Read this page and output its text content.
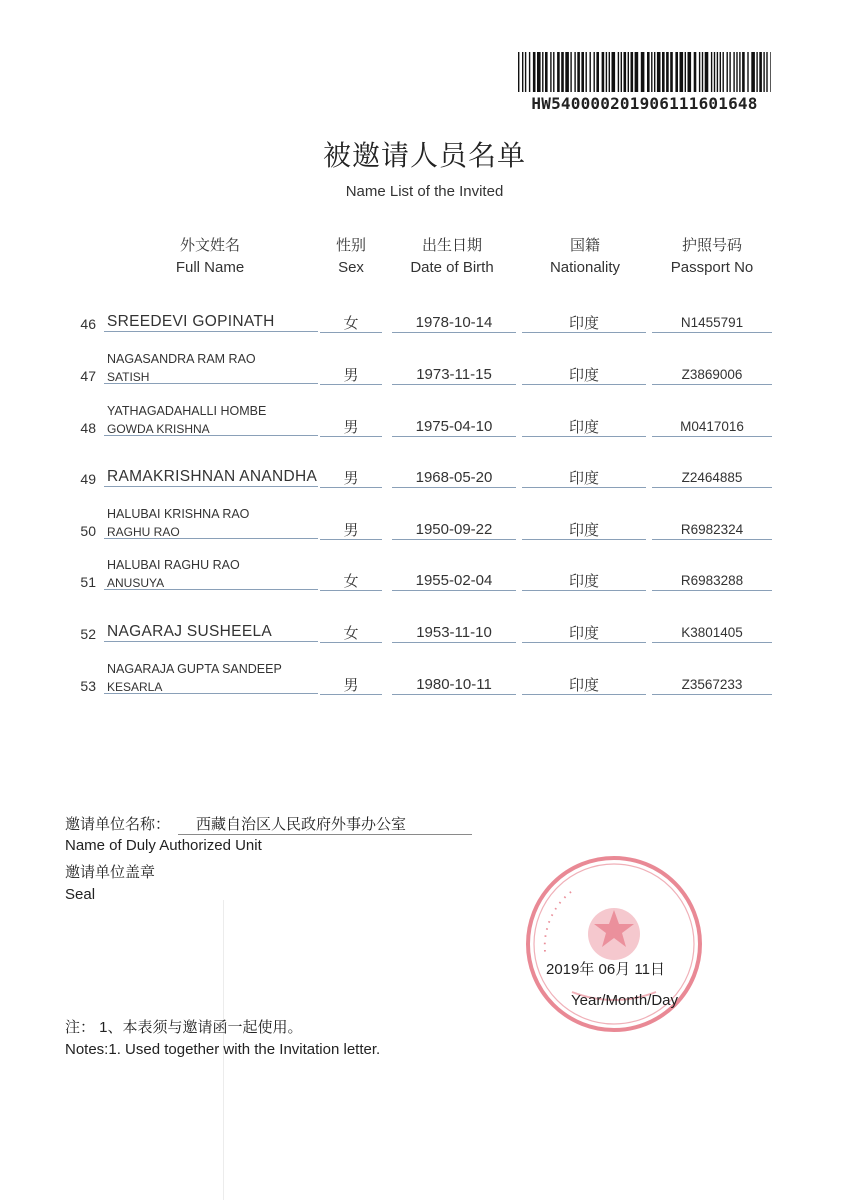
HW540000201906111601648
被邀请人员名单
Name List of the Invited
外文姓名
Full Name
性别
Sex
出生日期
Date of Birth
国籍
Nationality
护照号码
Passport No
46 SREEDEVI GOPINATH	女	1978-10-14	印度	N1455791
47
NAGASANDRA RAM RAO
SATISH	男	1973-11-15	印度	Z3869006
48
YATHAGADAHALLI HOMBE
GOWDA KRISHNA	男	1975-04-10	印度	M0417016
49 RAMAKRISHNAN ANANDHA	男	1968-05-20	印度	Z2464885
50
HALUBAI KRISHNA RAO
RAGHU RAO	男	1950-09-22	印度	R6982324
51
HALUBAI RAGHU RAO
ANUSUYA	女	1955-02-04	印度	R6983288
52 NAGARAJ SUSHEELA	女	1953-11-10	印度	K3801405
53
NAGARAJA GUPTA SANDEEP
KESARLA	男	1980-10-11	印度	Z3567233
邀请单位名称：	西藏自治区人民政府外事办公室
Name of Duly Authorized Unit
邀请单位盖章
Seal
··········
2019年 06月 11日
Year/Month/Day
注： 1、本表须与邀请函一起使用。
Notes:1. Used together with the Invitation letter.
